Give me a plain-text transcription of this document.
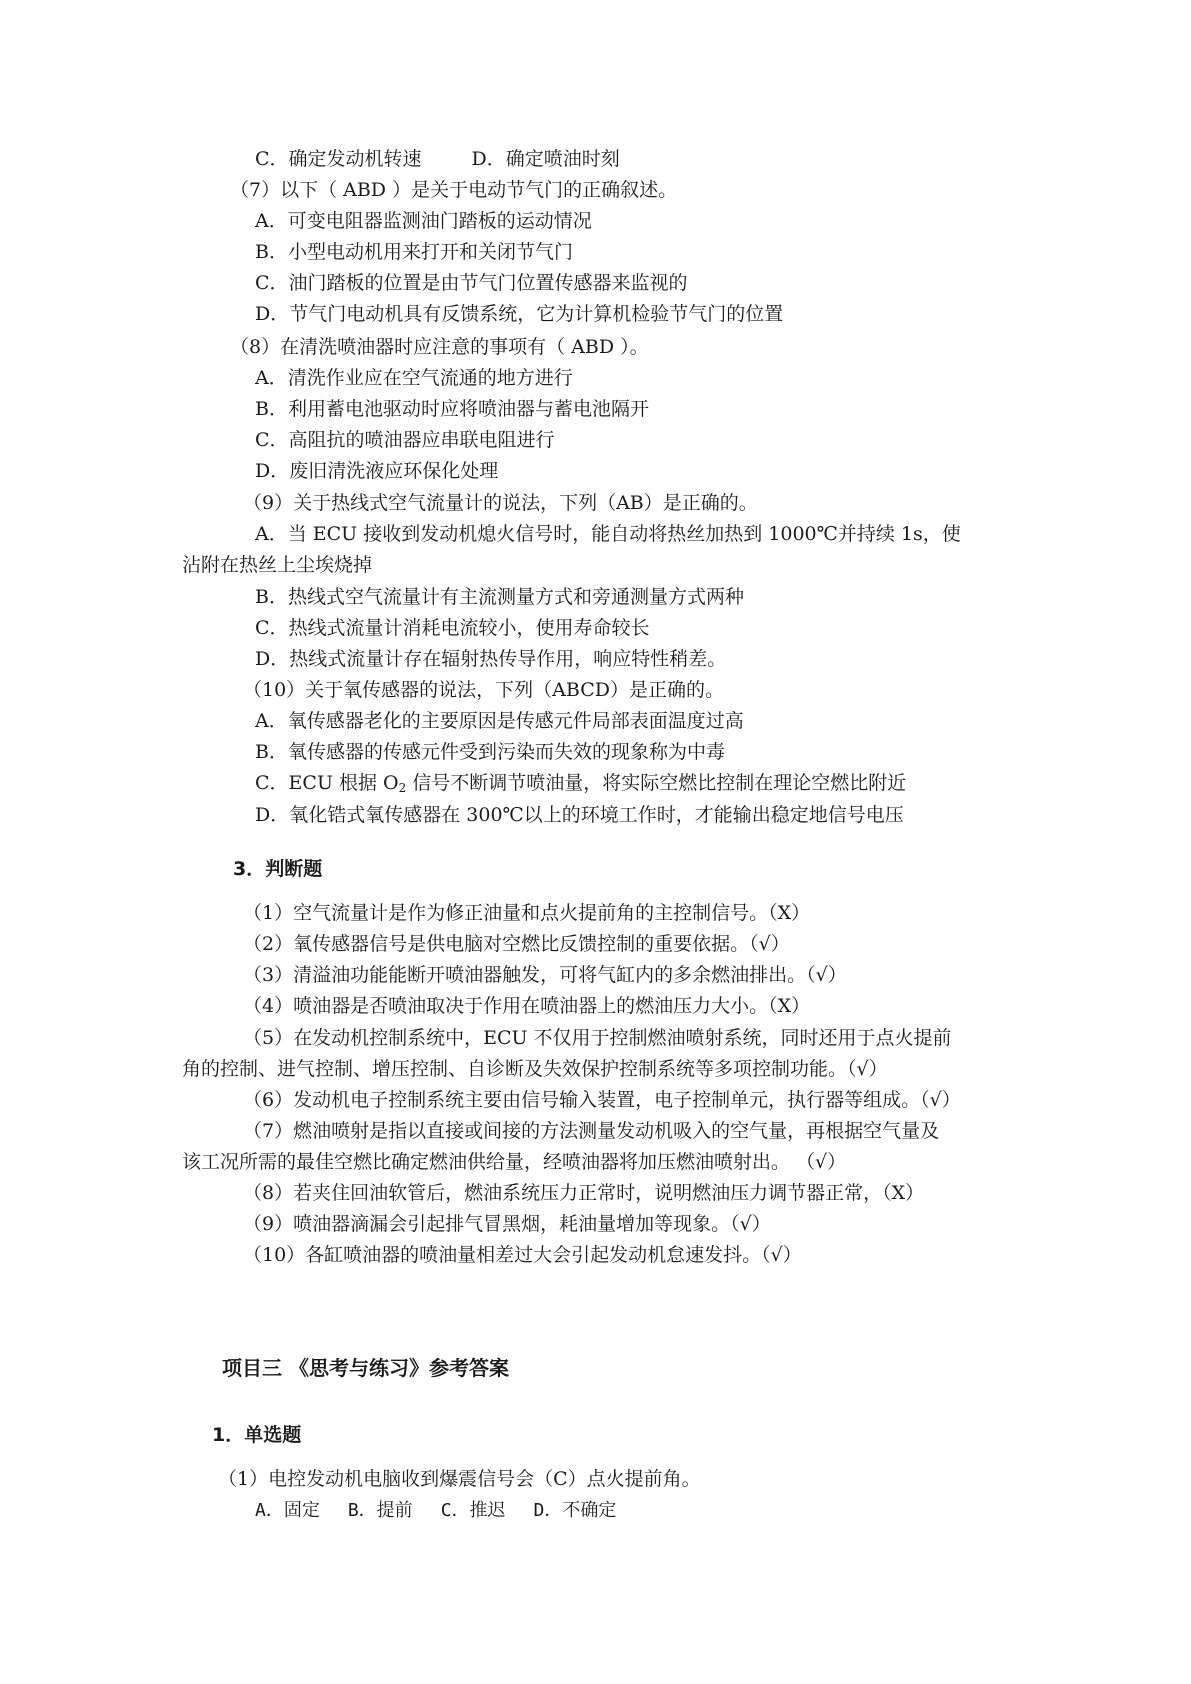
C．确定发动机转速	D．确定喷油时刻
（7）以下（ ABD ）是关于电动节气门的正确叙述。
A．可变电阻器监测油门踏板的运动情况
B．小型电动机用来打开和关闭节气门
C．油门踏板的位置是由节气门位置传感器来监视的
D．节气门电动机具有反馈系统，它为计算机检验节气门的位置
（8）在清洗喷油器时应注意的事项有（ ABD ）。
A．清洗作业应在空气流通的地方进行
B．利用蓄电池驱动时应将喷油器与蓄电池隔开
C．高阻抗的喷油器应串联电阻进行
D．废旧清洗液应环保化处理
（9）关于热线式空气流量计的说法，下列（AB）是正确的。
A．当 ECU 接收到发动机熄火信号时，能自动将热丝加热到 1000℃并持续 1s，使
沾附在热丝上尘埃烧掉
B．热线式空气流量计有主流测量方式和旁通测量方式两种
C．热线式流量计消耗电流较小，使用寿命较长
D．热线式流量计存在辐射热传导作用，响应特性稍差。
（10）关于氧传感器的说法，下列（ABCD）是正确的。
A．氧传感器老化的主要原因是传感元件局部表面温度过高
B．氧传感器的传感元件受到污染而失效的现象称为中毒
C．ECU 根据 $O_2$ 信号不断调节喷油量，将实际空燃比控制在理论空燃比附近
D．氧化锆式氧传感器在 300℃以上的环境工作时，才能输出稳定地信号电压
3．判断题
（1）空气流量计是作为修正油量和点火提前角的主控制信号。（X）
（2）氧传感器信号是供电脑对空燃比反馈控制的重要依据。（√）
（3）清溢油功能能断开喷油器触发，可将气缸内的多余燃油排出。（√）
（4）喷油器是否喷油取决于作用在喷油器上的燃油压力大小。（X）
（5）在发动机控制系统中，ECU 不仅用于控制燃油喷射系统，同时还用于点火提前
角的控制、进气控制、增压控制、自诊断及失效保护控制系统等多项控制功能。（√）
（6）发动机电子控制系统主要由信号输入装置，电子控制单元，执行器等组成。（√）
（7）燃油喷射是指以直接或间接的方法测量发动机吸入的空气量，再根据空气量及
该工况所需的最佳空燃比确定燃油供给量，经喷油器将加压燃油喷射出。 （√）
（8）若夹住回油软管后，燃油系统压力正常时，说明燃油压力调节器正常，（X）
（9）喷油器滴漏会引起排气冒黑烟，耗油量增加等现象。（√）
（10）各缸喷油器的喷油量相差过大会引起发动机怠速发抖。（√）
项目三 《思考与练习》参考答案
1．单选题
（1）电控发动机电脑收到爆震信号会（C）点火提前角。
A．固定 B．提前 C．推迟 D．不确定
